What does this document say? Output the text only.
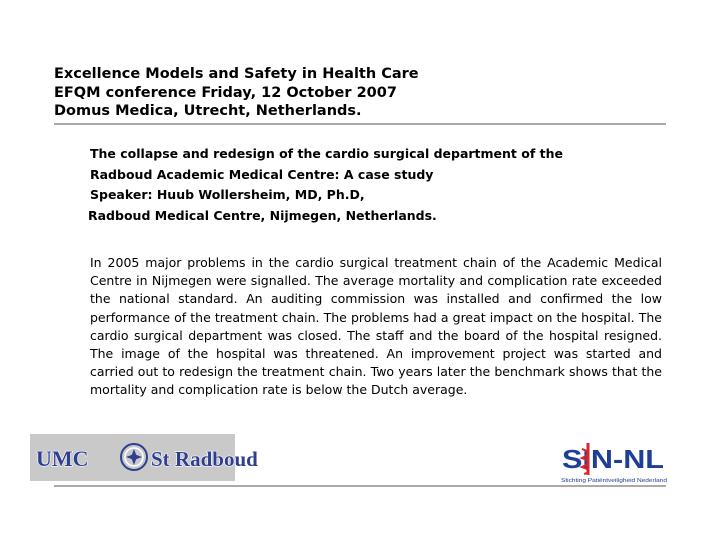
Excellence Models and Safety in Health Care
EFQM conference Friday, 12 October 2007
Domus Medica, Utrecht, Netherlands.
The collapse and redesign of the cardio surgical department of the
Radboud Academic Medical Centre: A case study
Speaker: Huub Wollersheim, MD, Ph.D,
Radboud Medical Centre, Nijmegen, Netherlands.
In 2005 major problems in the cardio surgical treatment chain of the Academic Medical Centre in Nijmegen were signalled. The average mortality and complication rate exceeded the national standard. An auditing commission was installed and confirmed the low performance of the treatment chain. The problems had a great impact on the hospital. The cardio surgical department was closed. The staff and the board of the hospital resigned. The image of the hospital was threatened. An improvement project was started and carried out to redesign the treatment chain. Two years later the benchmark shows that the mortality and complication rate is below the Dutch average.
UMC	St Radboud	SIN-NL
Stichting Patiëntveiligheid Nederland
